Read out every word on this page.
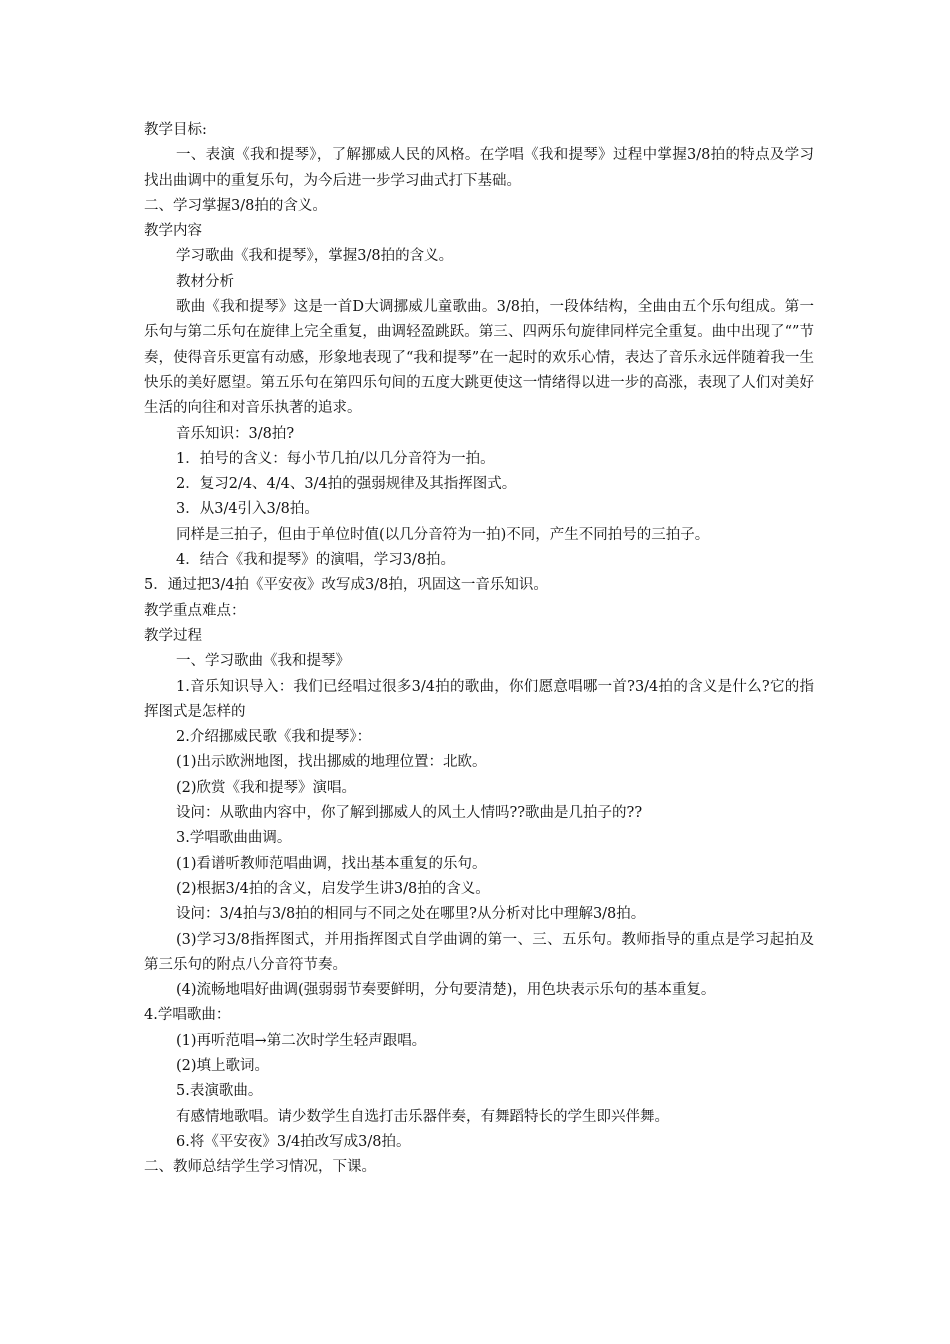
教学目标:
一、表演《我和提琴》，了解挪威人民的风格。在学唱《我和提琴》过程中掌握3/8拍的特点及学习找出曲调中的重复乐句，为今后进一步学习曲式打下基础。
二、学习掌握3/8拍的含义。
教学内容
学习歌曲《我和提琴》，掌握3/8拍的含义。
教材分析
歌曲《我和提琴》这是一首D大调挪威儿童歌曲。3/8拍，一段体结构，全曲由五个乐句组成。第一乐句与第二乐句在旋律上完全重复，曲调轻盈跳跃。第三、四两乐句旋律同样完全重复。曲中出现了“”节奏，使得音乐更富有动感，形象地表现了“我和提琴”在一起时的欢乐心情，表达了音乐永远伴随着我一生快乐的美好愿望。第五乐句在第四乐句间的五度大跳更使这一情绪得以进一步的高涨，表现了人们对美好生活的向往和对音乐执著的追求。
音乐知识：3/8拍?
1．拍号的含义：每小节几拍/以几分音符为一拍。
2．复习2/4、4/4、3/4拍的强弱规律及其指挥图式。
3．从3/4引入3/8拍。
同样是三拍子，但由于单位时值(以几分音符为一拍)不同，产生不同拍号的三拍子。
4．结合《我和提琴》的演唱，学习3/8拍。
5．通过把3/4拍《平安夜》改写成3/8拍，巩固这一音乐知识。
教学重点难点：
教学过程
一、学习歌曲《我和提琴》
1.音乐知识导入：我们已经唱过很多3/4拍的歌曲，你们愿意唱哪一首?3/4拍的含义是什么?它的指挥图式是怎样的
2.介绍挪威民歌《我和提琴》：
(1)出示欧洲地图，找出挪威的地理位置：北欧。
(2)欣赏《我和提琴》演唱。
设问：从歌曲内容中，你了解到挪威人的风土人情吗??歌曲是几拍子的??
3.学唱歌曲曲调。
(1)看谱听教师范唱曲调，找出基本重复的乐句。
(2)根据3/4拍的含义，启发学生讲3/8拍的含义。
设问：3/4拍与3/8拍的相同与不同之处在哪里?从分析对比中理解3/8拍。
(3)学习3/8指挥图式，并用指挥图式自学曲调的第一、三、五乐句。教师指导的重点是学习起拍及第三乐句的附点八分音符节奏。
(4)流畅地唱好曲调(强弱弱节奏要鲜明，分句要清楚)，用色块表示乐句的基本重复。
4.学唱歌曲：
(1)再听范唱→第二次时学生轻声跟唱。
(2)填上歌词。
5.表演歌曲。
有感情地歌唱。请少数学生自选打击乐器伴奏，有舞蹈特长的学生即兴伴舞。
6.将《平安夜》3/4拍改写成3/8拍。
二、教师总结学生学习情况，下课。
